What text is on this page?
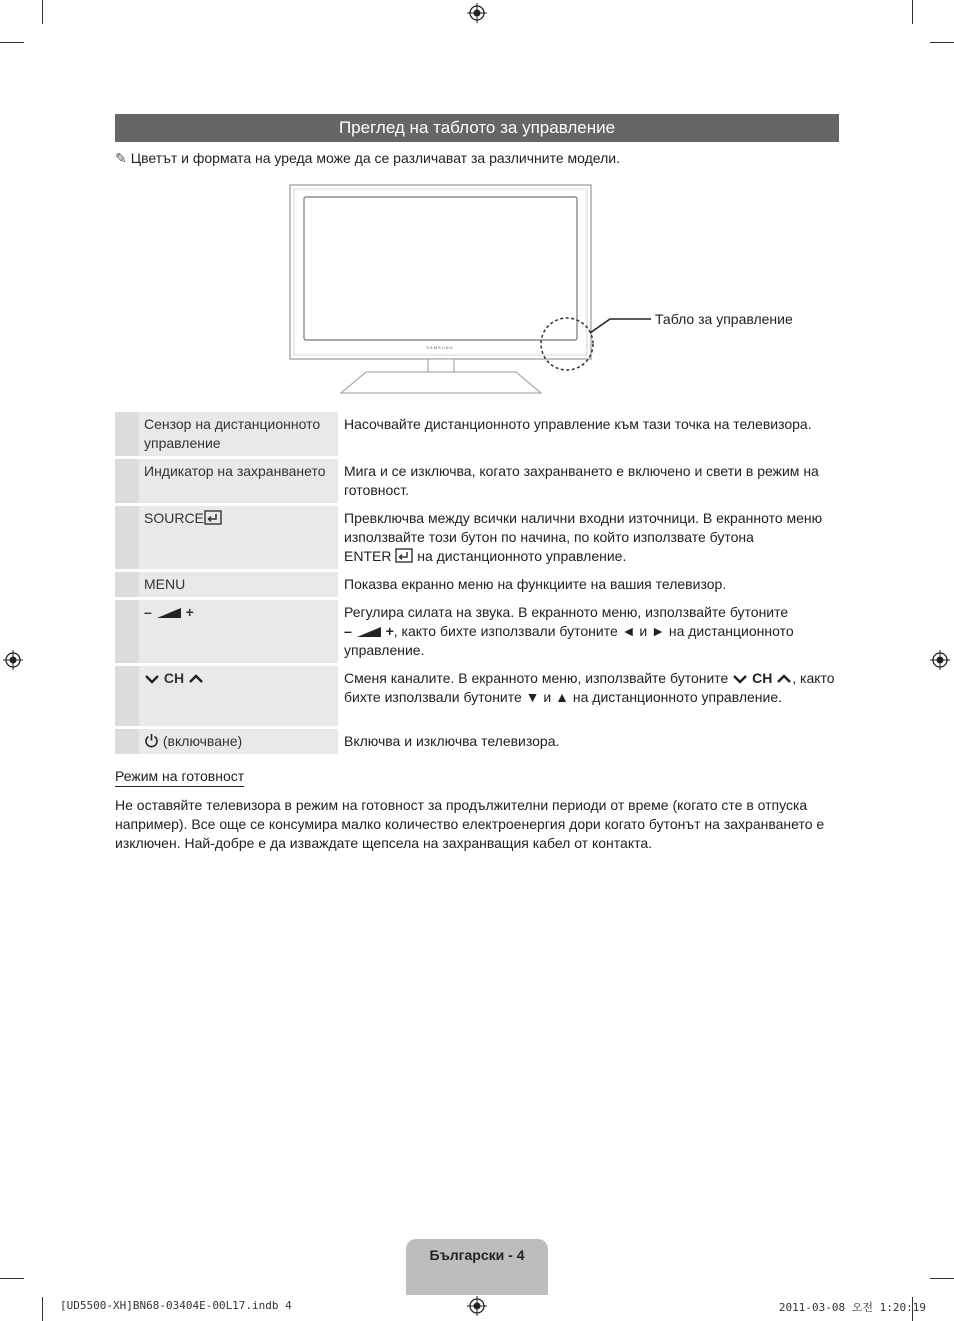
Преглед на таблото за управление
✎ Цветът и формата на уреда може да се различават за различните модели.
SAMSUNG
Табло за управление
	Сензор на дистанционното управление	Насочвайте дистанционното управление към тази точка на телевизора.
	Индикатор на захранването	Мига и се изключва, когато захранването е включено и свети в режим на готовност.
	SOURCE	Превключва между всички налични входни източници. В екранното меню използвайте този бутон по начина, по който използвате бутона
ENTER на дистанционното управление.
	MENU	Показва екранно меню на функциите на вашия телевизор.
	– +	Регулира силата на звука. В екранното меню, използвайте бутоните
– +, както бихте използвали бутоните ◄ и ► на дистанционното управление.
	CH	Сменя каналите. В екранното меню, използвайте бутоните CH , както бихте използвали бутоните ▼ и ▲ на дистанционното управление.
	(включване)	Включва и изключва телевизора.
Режим на готовност
Не оставяйте телевизора в режим на готовност за продължителни периоди от време (когато сте в отпуска например). Все още се консумира малко количество електроенергия дори когато бутонът на захранването е изключен. Най-добре е да изваждате щепсела на захранващия кабел от контакта.
Български - 4
[UD5500-XH]BN68-03404E-00L17.indb 4	2011-03-08 오전 1:20:19
